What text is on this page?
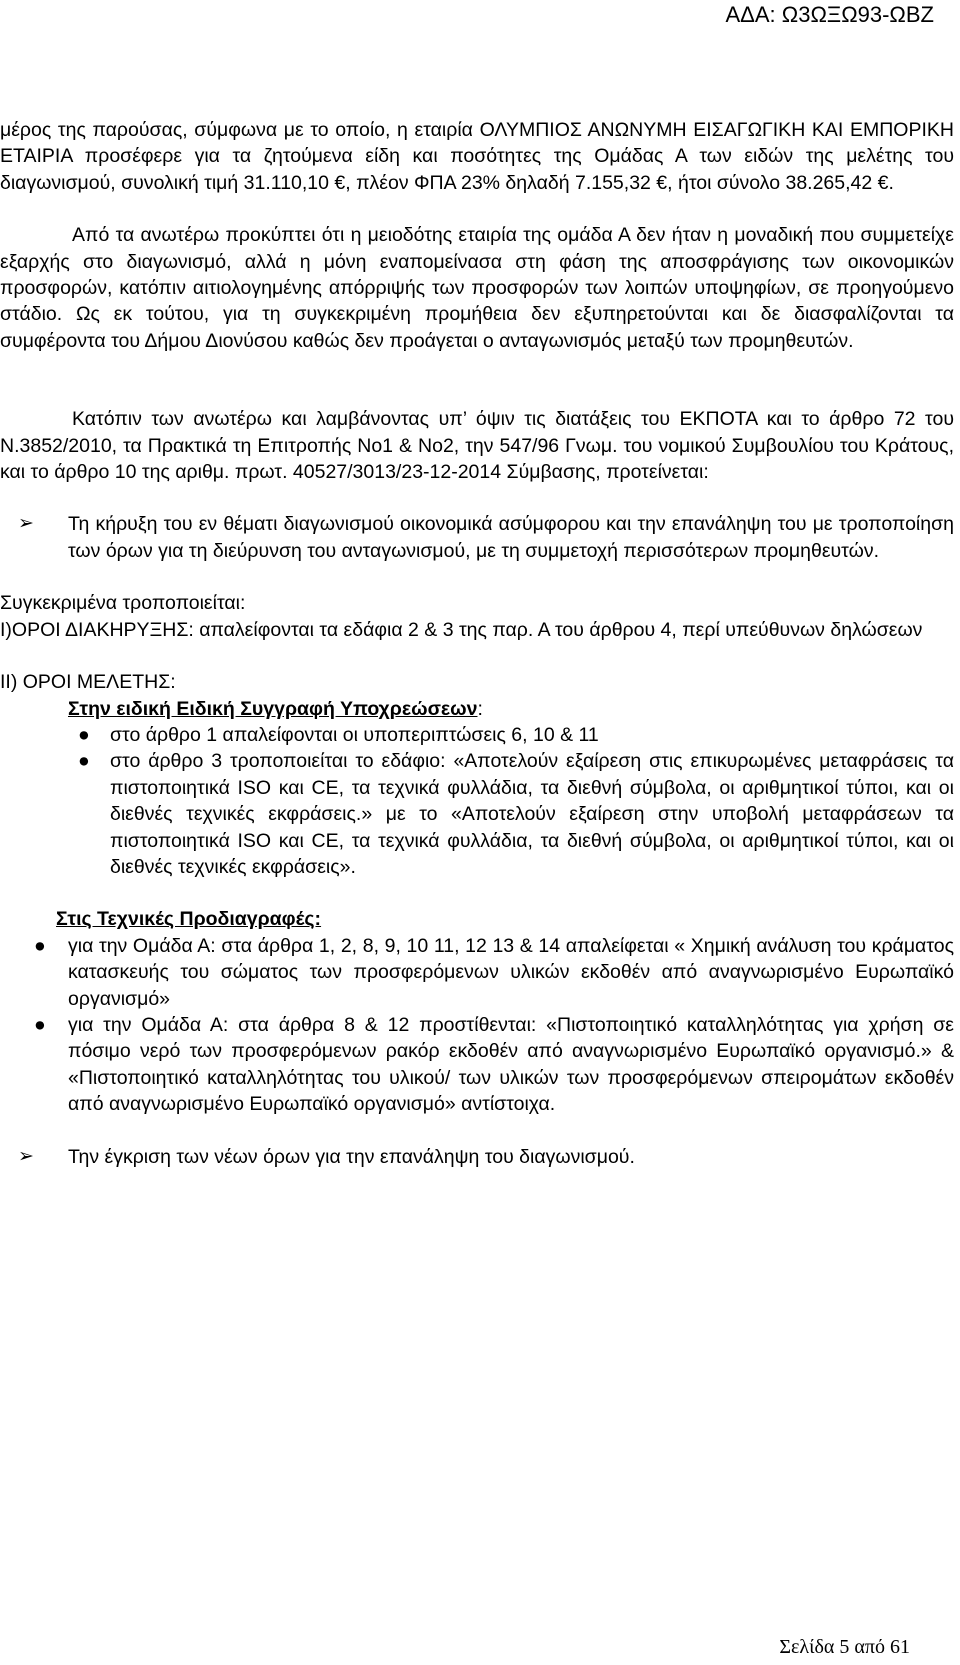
ΑΔΑ: Ω3ΩΞΩ93-ΩΒΖ

μέρος της παρούσας, σύμφωνα με το οποίο, η εταιρία ΟΛΥΜΠΙΟΣ ΑΝΩΝΥΜΗ ΕΙΣΑΓΩΓΙΚΗ ΚΑΙ ΕΜΠΟΡΙΚΗ ΕΤΑΙΡΙΑ προσέφερε για τα ζητούμενα είδη και ποσότητες της Ομάδας Α των ειδών της μελέτης του διαγωνισμού, συνολική τιμή 31.110,10 €, πλέον ΦΠΑ 23% δηλαδή 7.155,32 €, ήτοι σύνολο 38.265,42 €.

Από τα ανωτέρω προκύπτει ότι η μειοδότης εταιρία της ομάδα Α δεν ήταν η μοναδική που συμμετείχε εξαρχής στο διαγωνισμό, αλλά η μόνη εναπομείνασα στη φάση της αποσφράγισης των οικονομικών προσφορών, κατόπιν αιτιολογημένης απόρριψής των προσφορών των λοιπών υποψηφίων, σε προηγούμενο στάδιο. Ως εκ τούτου, για τη συγκεκριμένη προμήθεια δεν εξυπηρετούνται και δε διασφαλίζονται τα συμφέροντα του Δήμου Διονύσου καθώς δεν προάγεται ο ανταγωνισμός μεταξύ των προμηθευτών.

Κατόπιν των ανωτέρω και λαμβάνοντας υπ’ όψιν τις διατάξεις του ΕΚΠΟΤΑ και το άρθρο 72 του Ν.3852/2010, τα Πρακτικά τη Επιτροπής Νο1 & Νο2, την 547/96 Γνωμ. του νομικού Συμβουλίου του Κράτους, και το άρθρο 10 της αριθμ. πρωτ. 40527/3013/23-12-2014 Σύμβασης, προτείνεται:

➢ Τη κήρυξη του εν θέματι διαγωνισμού οικονομικά ασύμφορου και την επανάληψη του με τροποποίηση των όρων για τη διεύρυνση του ανταγωνισμού, με τη συμμετοχή περισσότερων προμηθευτών.

Συγκεκριμένα τροποποιείται:

Ι)ΟΡΟΙ ΔΙΑΚΗΡΥΞΗΣ: απαλείφονται τα εδάφια 2 & 3 της παρ. Α του άρθρου 4, περί υπεύθυνων δηλώσεων

ΙΙ) ΟΡΟΙ ΜΕΛΕΤΗΣ:

Στην ειδική Ειδική Συγγραφή Υποχρεώσεων:

● στο άρθρο 1 απαλείφονται οι υποπεριπτώσεις 6, 10 & 11
● στο άρθρο 3 τροποποιείται το εδάφιο: «Αποτελούν εξαίρεση στις επικυρωμένες μεταφράσεις τα πιστοποιητικά ISO και CE, τα τεχνικά φυλλάδια, τα διεθνή σύμβολα, οι αριθμητικοί τύποι, και οι διεθνές τεχνικές εκφράσεις.» με το «Αποτελούν εξαίρεση στην υποβολή μεταφράσεων τα πιστοποιητικά ISO και CE, τα τεχνικά φυλλάδια, τα διεθνή σύμβολα, οι αριθμητικοί τύποι, και οι διεθνές τεχνικές εκφράσεις».

Στις Τεχνικές Προδιαγραφές:

● για την Ομάδα Α: στα άρθρα 1, 2, 8, 9, 10 11, 12 13 & 14 απαλείφεται « Χημική ανάλυση του κράματος κατασκευής του σώματος των προσφερόμενων υλικών εκδοθέν από αναγνωρισμένο Ευρωπαϊκό οργανισμό»
● για την Ομάδα Α: στα άρθρα 8 & 12 προστίθενται: «Πιστοποιητικό καταλληλότητας για χρήση σε πόσιμο νερό των προσφερόμενων ρακόρ εκδοθέν από αναγνωρισμένο Ευρωπαϊκό οργανισμό.» & «Πιστοποιητικό καταλληλότητας του υλικού/ των υλικών των προσφερόμενων σπειρομάτων εκδοθέν από αναγνωρισμένο Ευρωπαϊκό οργανισμό» αντίστοιχα.
➢ Την έγκριση των νέων όρων για την επανάληψη του διαγωνισμού.
Σελίδα 5 από 61
